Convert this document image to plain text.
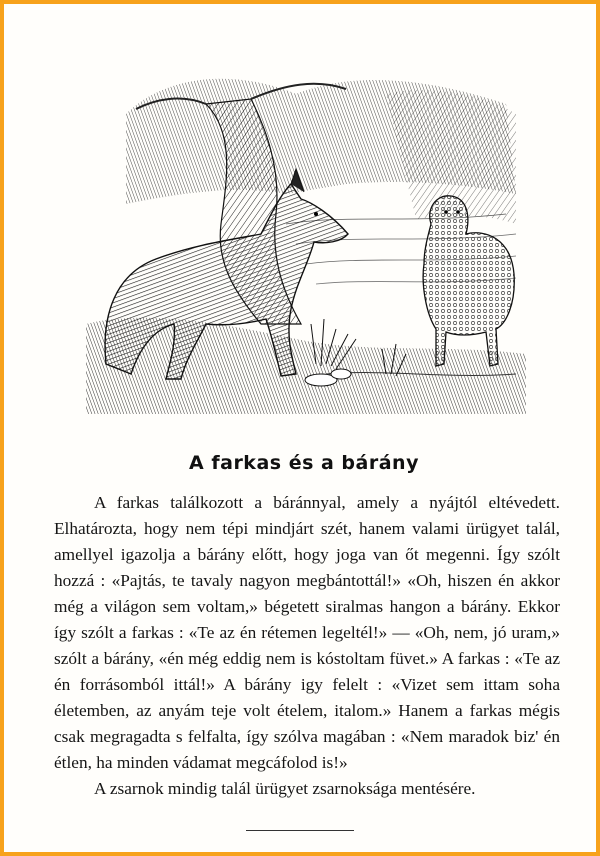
A farkas és a bárány

A farkas találkozott a báránnyal, amely a nyájtól eltévedett. Elhatározta, hogy nem tépi mindjárt szét, hanem valami ürügyet talál, amellyel igazolja a bárány előtt, hogy joga van őt megenni. Így szólt hozzá : «Pajtás, te tavaly nagyon megbántottál!» «Oh, hiszen én akkor még a világon sem voltam,» bégetett siralmas hangon a bárány. Ekkor így szólt a farkas : «Te az én rétemen legeltél!» — «Oh, nem, jó uram,» szólt a bárány, «én még eddig nem is kóstoltam füvet.» A farkas : «Te az én forrásomból ittál!» A bárány igy felelt : «Vizet sem ittam soha életemben, az anyám teje volt ételem, italom.» Hanem a farkas mégis csak megragadta s felfalta, így szólva magában : «Nem maradok biz' én étlen, ha minden vádamat megcáfolod is!»

A zsarnok mindig talál ürügyet zsarnoksága mentésére.
